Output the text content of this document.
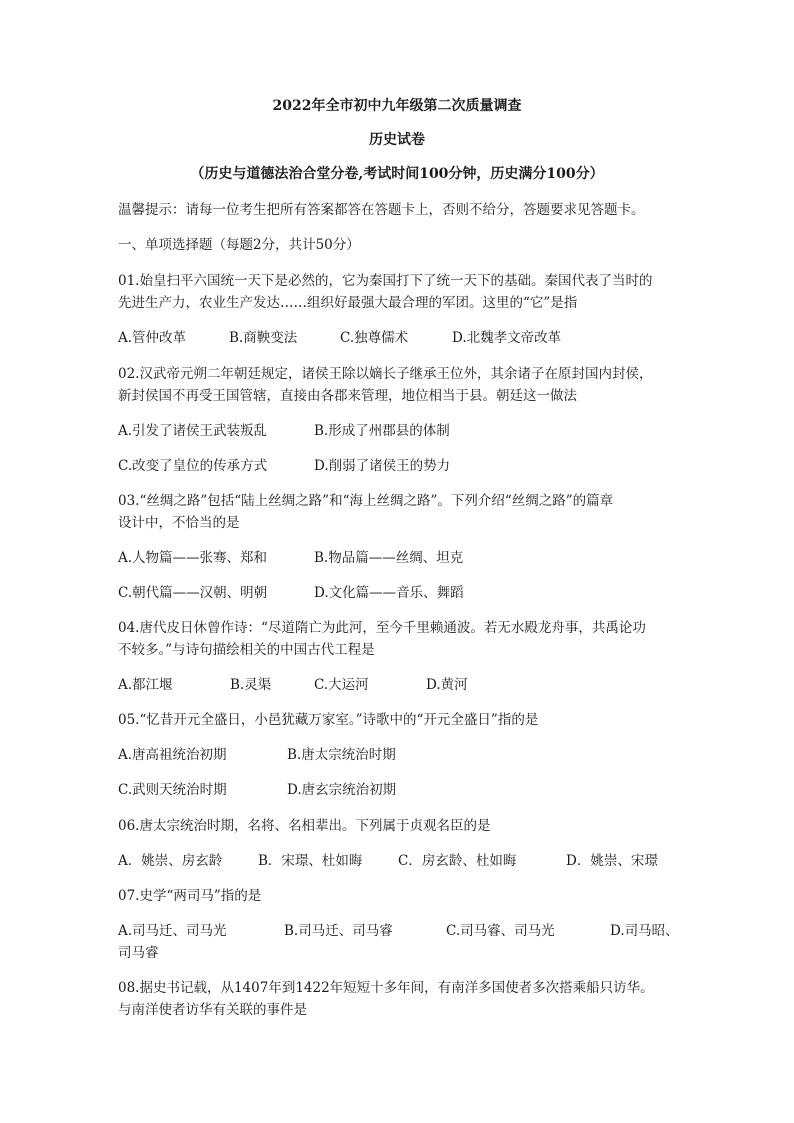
2022年全市初中九年级第二次质量调查
历史试卷
（历史与道德法治合堂分卷,考试时间100分钟，历史满分100分）
温馨提示：请每一位考生把所有答案都答在答题卡上，否则不给分，答题要求见答题卡。
一、单项选择题（每题2分，共计50分）
01.始皇扫平六国统一天下是必然的，它为秦国打下了统一天下的基础。秦国代表了当时的
先进生产力，农业生产发达……组织好最强大最合理的军团。这里的“它”是指
A.管仲改革	B.商鞅变法	C.独尊儒术	D.北魏孝文帝改革
02.汉武帝元朔二年朝廷规定，诸侯王除以嫡长子继承王位外，其余诸子在原封国内封侯，
新封侯国不再受王国管辖，直接由各郡来管理，地位相当于县。朝廷这一做法
A.引发了诸侯王武装叛乱	B.形成了州郡县的体制
C.改变了皇位的传承方式	D.削弱了诸侯王的势力
03.“丝绸之路”包括“陆上丝绸之路”和“海上丝绸之路”。下列介绍“丝绸之路”的篇章
设计中，不恰当的是
A.人物篇——张骞、郑和	B.物品篇——丝绸、坦克
C.朝代篇——汉朝、明朝	D.文化篇——音乐、舞蹈
04.唐代皮日休曾作诗：“尽道隋亡为此河，至今千里赖通波。若无水殿龙舟事，共禹论功
不较多。”与诗句描绘相关的中国古代工程是
A.都江堰	B.灵渠	C.大运河	D.黄河
05.“忆昔开元全盛日，小邑犹藏万家室。”诗歌中的“开元全盛日”指的是
A.唐高祖统治初期	B.唐太宗统治时期
C.武则天统治时期	D.唐玄宗统治初期
06.唐太宗统治时期，名将、名相辈出。下列属于贞观名臣的是
A．姚崇、房玄龄	B．宋璟、杜如晦	C．房玄龄、杜如晦	D．姚崇、宋璟
07.史学“两司马”指的是
A.司马迁、司马光	B.司马迁、司马睿	C.司马睿、司马光	D.司马昭、
司马睿
08.据史书记载，从1407年到1422年短短十多年间，有南洋多国使者多次搭乘船只访华。
与南洋使者访华有关联的事件是
